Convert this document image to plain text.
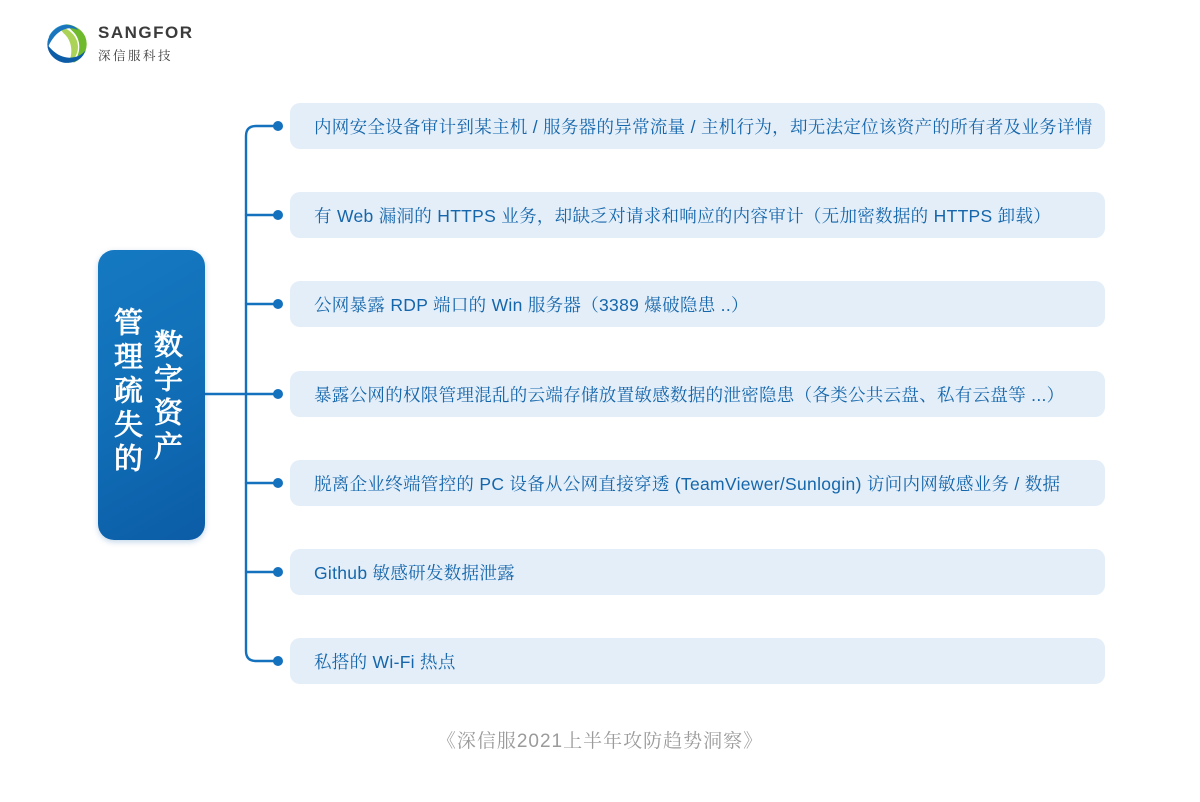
SANGFOR
深信服科技
管理疏失的 数字资产
内网安全设备审计到某主机 / 服务器的异常流量 / 主机行为，却无法定位该资产的所有者及业务详情
有 Web 漏洞的 HTTPS 业务，却缺乏对请求和响应的内容审计（无加密数据的 HTTPS 卸载）
公网暴露 RDP 端口的 Win 服务器（3389 爆破隐患 ..）
暴露公网的权限管理混乱的云端存储放置敏感数据的泄密隐患（各类公共云盘、私有云盘等 ...）
脱离企业终端管控的 PC 设备从公网直接穿透 (TeamViewer/Sunlogin) 访问内网敏感业务 / 数据
Github 敏感研发数据泄露
私搭的 Wi-Fi 热点
《深信服2021上半年攻防趋势洞察》
